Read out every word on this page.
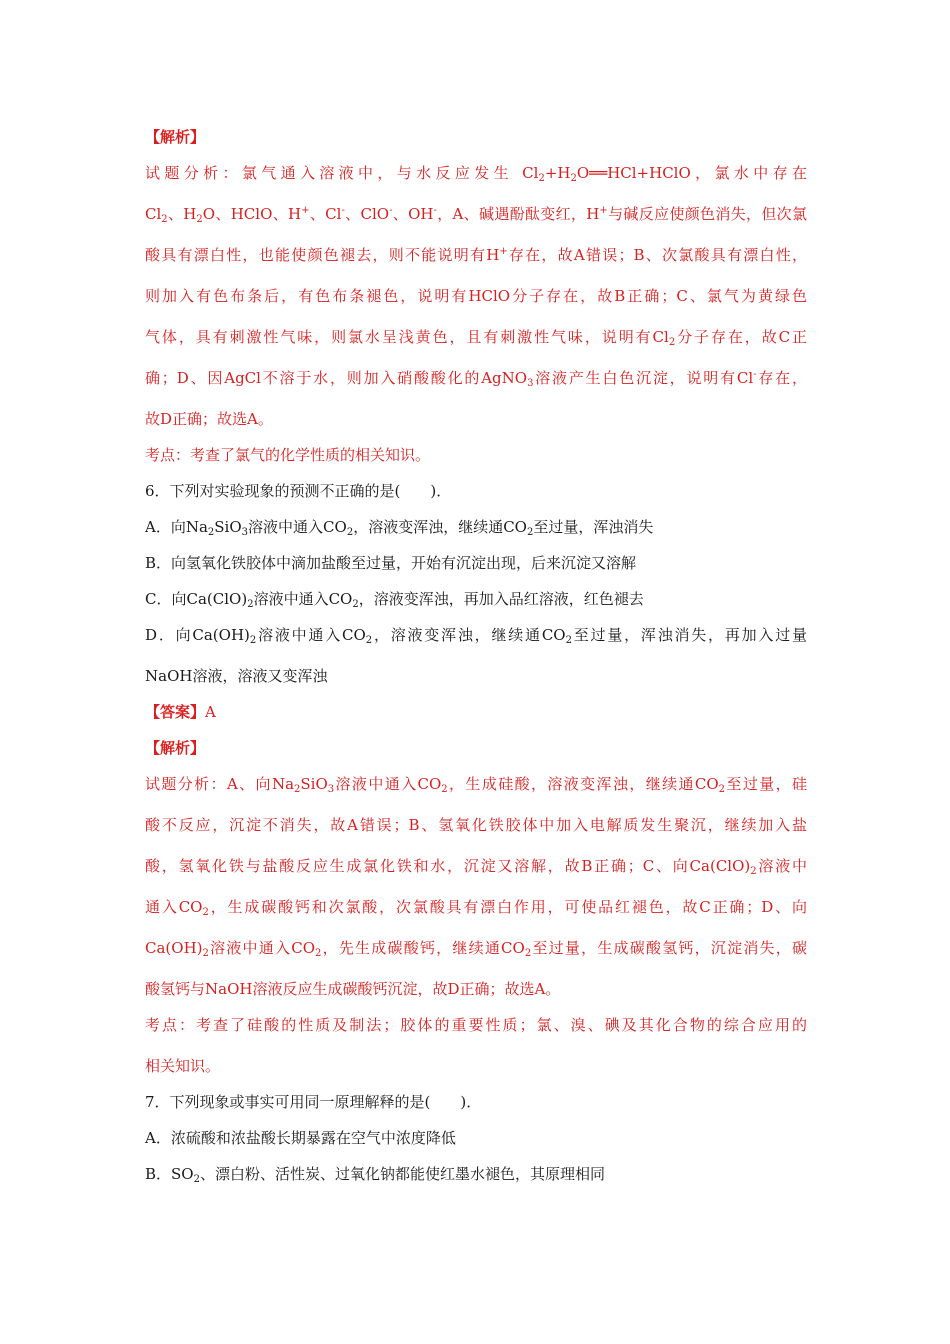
【解析】
试题分析：氯气通入溶液中，与水反应发生 $Cl_2+H_2O══HCl+HClO$，氯水中存在
$Cl_2$、$H_2O$、HClO、H+、Cl-、ClO-、OH-，A、碱遇酚酞变红，H+与碱反应使颜色消失，但次氯
酸具有漂白性，也能使颜色褪去，则不能说明有H+存在，故A错误；B、次氯酸具有漂白性，
则加入有色布条后，有色布条褪色，说明有HClO分子存在，故B正确；C、氯气为黄绿色
气体，具有刺激性气味，则氯水呈浅黄色，且有刺激性气味，说明有$Cl_2$分子存在，故C正
确；D、因AgCl不溶于水，则加入硝酸酸化的AgNO$_3$溶液产生白色沉淀，说明有Cl-存在，
故D正确；故选A。
考点：考查了氯气的化学性质的相关知识。
6．下列对实验现象的预测不正确的是(　　)．
A．向$Na_2SiO_3$溶液中通入$CO_2$，溶液变浑浊，继续通$CO_2$至过量，浑浊消失
B．向氢氧化铁胶体中滴加盐酸至过量，开始有沉淀出现，后来沉淀又溶解
C．向$Ca(ClO)_2$溶液中通入$CO_2$，溶液变浑浊，再加入品红溶液，红色褪去
D．向$Ca(OH)_2$溶液中通入$CO_2$，溶液变浑浊，继续通$CO_2$至过量，浑浊消失，再加入过量
NaOH溶液，溶液又变浑浊
【答案】A
【解析】
试题分析：A、向$Na_2SiO_3$溶液中通入$CO_2$，生成硅酸，溶液变浑浊，继续通$CO_2$至过量，硅
酸不反应，沉淀不消失，故A错误；B、氢氧化铁胶体中加入电解质发生聚沉，继续加入盐
酸，氢氧化铁与盐酸反应生成氯化铁和水，沉淀又溶解，故B正确；C、向$Ca(ClO)_2$溶液中
通入$CO_2$，生成碳酸钙和次氯酸，次氯酸具有漂白作用，可使品红褪色，故C正确；D、向
$Ca(OH)_2$溶液中通入$CO_2$，先生成碳酸钙，继续通$CO_2$至过量，生成碳酸氢钙，沉淀消失，碳
酸氢钙与NaOH溶液反应生成碳酸钙沉淀，故D正确；故选A。
考点：考查了硅酸的性质及制法；胶体的重要性质；氯、溴、碘及其化合物的综合应用的
相关知识。
7．下列现象或事实可用同一原理解释的是(　　)．
A．浓硫酸和浓盐酸长期暴露在空气中浓度降低
B．$SO_2$、漂白粉、活性炭、过氧化钠都能使红墨水褪色，其原理相同
